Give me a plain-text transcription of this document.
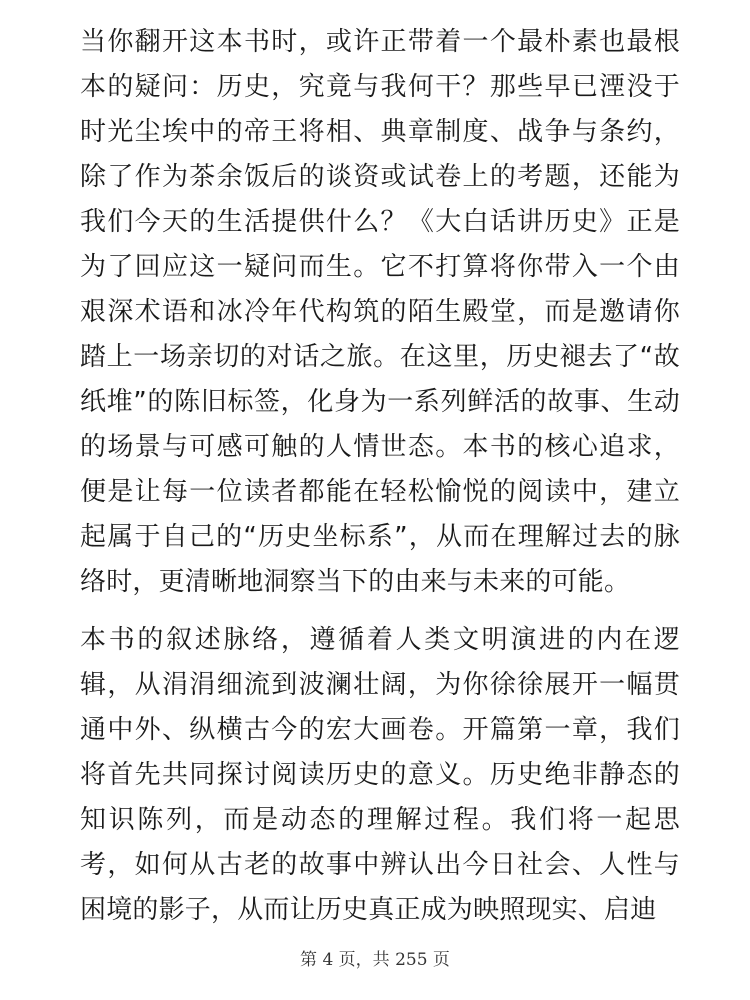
当你翻开这本书时，或许正带着一个最朴素也最根本的疑问：历史，究竟与我何干？那些早已湮没于时光尘埃中的帝王将相、典章制度、战争与条约，除了作为茶余饭后的谈资或试卷上的考题，还能为我们今天的生活提供什么？《大白话讲历史》正是为了回应这一疑问而生。它不打算将你带入一个由艰深术语和冰冷年代构筑的陌生殿堂，而是邀请你踏上一场亲切的对话之旅。在这里，历史褪去了“故纸堆”的陈旧标签，化身为一系列鲜活的故事、生动的场景与可感可触的人情世态。本书的核心追求，便是让每一位读者都能在轻松愉悦的阅读中，建立起属于自己的“历史坐标系”，从而在理解过去的脉络时，更清晰地洞察当下的由来与未来的可能。

本书的叙述脉络，遵循着人类文明演进的内在逻辑，从涓涓细流到波澜壮阔，为你徐徐展开一幅贯通中外、纵横古今的宏大画卷。开篇第一章，我们将首先共同探讨阅读历史的意义。历史绝非静态的知识陈列，而是动态的理解过程。我们将一起思考，如何从古老的故事中辨认出今日社会、人性与困境的影子，从而让历史真正成为映照现实、启迪

第 4 页，共 255 页
